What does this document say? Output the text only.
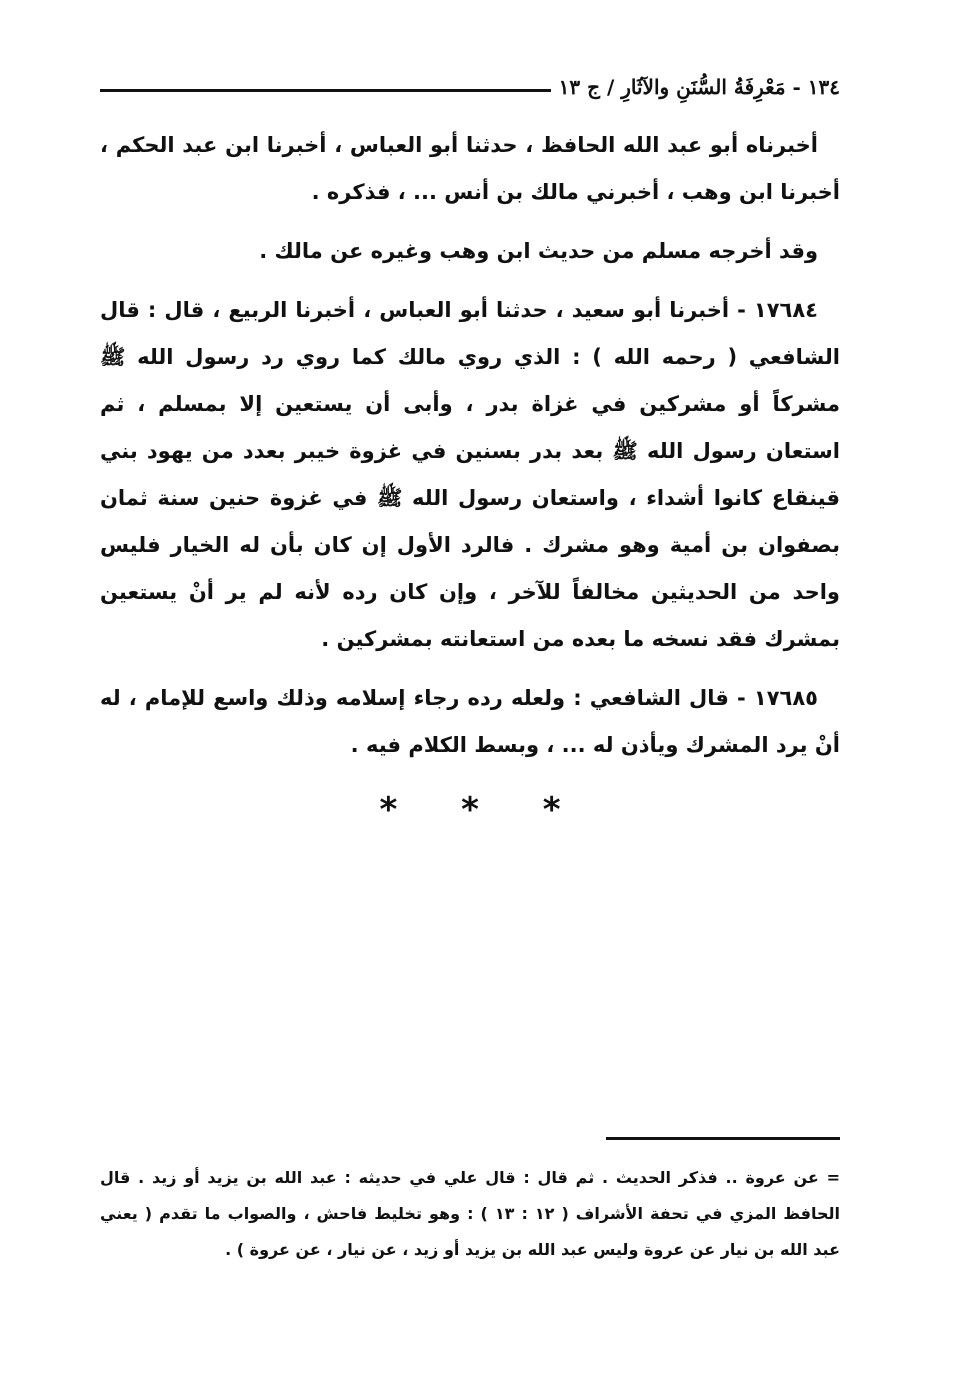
١٣٤ - مَعْرِفَةُ السُّنَنِ والآثَارِ / ج ١٣

أخبرناه أبو عبد الله الحافظ ، حدثنا أبو العباس ، أخبرنا ابن عبد الحكم ، أخبرنا ابن وهب ، أخبرني مالك بن أنس ... ، فذكره .

وقد أخرجه مسلم من حديث ابن وهب وغيره عن مالك .

١٧٦٨٤ - أخبرنا أبو سعيد ، حدثنا أبو العباس ، أخبرنا الربيع ، قال : قال الشافعي ( رحمه الله ) : الذي روي مالك كما روي رد رسول الله ﷺ مشركاً أو مشركين في غزاة بدر ، وأبى أن يستعين إلا بمسلم ، ثم استعان رسول الله ﷺ بعد بدر بسنين في غزوة خيبر بعدد من يهود بني قينقاع كانوا أشداء ، واستعان رسول الله ﷺ في غزوة حنين سنة ثمان بصفوان بن أمية وهو مشرك . فالرد الأول إن كان بأن له الخيار فليس واحد من الحديثين مخالفاً للآخر ، وإن كان رده لأنه لم ير أنْ يستعين بمشرك فقد نسخه ما بعده من استعانته بمشركين .

١٧٦٨٥ - قال الشافعي : ولعله رده رجاء إسلامه وذلك واسع للإمام ، له أنْ يرد المشرك ويأذن له ... ، وبسط الكلام فيه .

* * *

= عن عروة .. فذكر الحديث . ثم قال : قال علي في حديثه : عبد الله بن يزيد أو زيد . قال الحافظ المزي في تحفة الأشراف ( ١٢ : ١٣ ) : وهو تخليط فاحش ، والصواب ما تقدم ( يعني عبد الله بن نيار عن عروة وليس عبد الله بن يزيد أو زيد ، عن نيار ، عن عروة ) .
